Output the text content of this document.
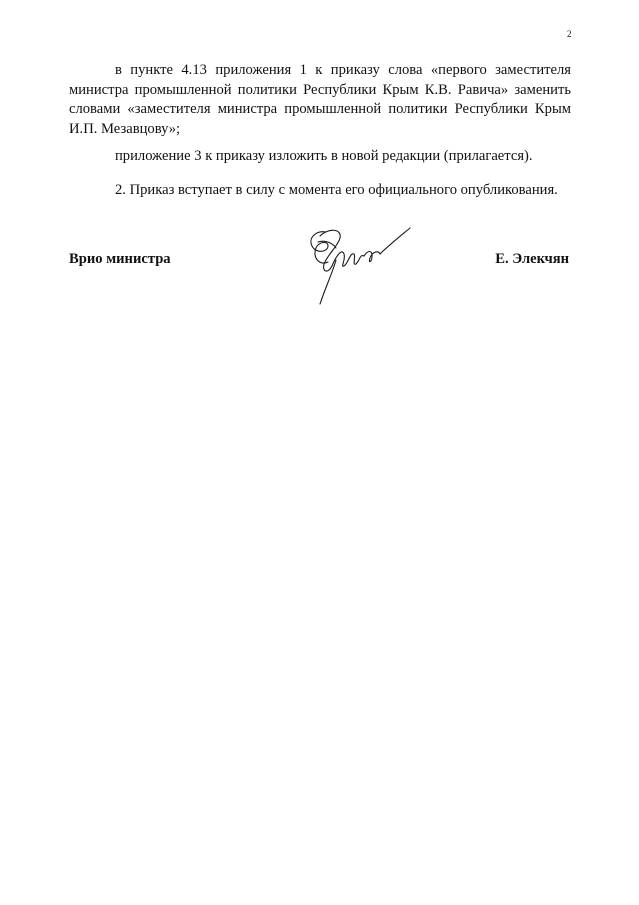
2

в пункте 4.13 приложения 1 к приказу слова «первого заместителя министра промышленной политики Республики Крым К.В. Равича» заменить словами «заместителя министра промышленной политики Республики Крым И.П. Мезавцову»;

приложение 3 к приказу изложить в новой редакции (прилагается).

2. Приказ вступает в силу с момента его официального опубликования.

Врио министра	Е. Элекчян
